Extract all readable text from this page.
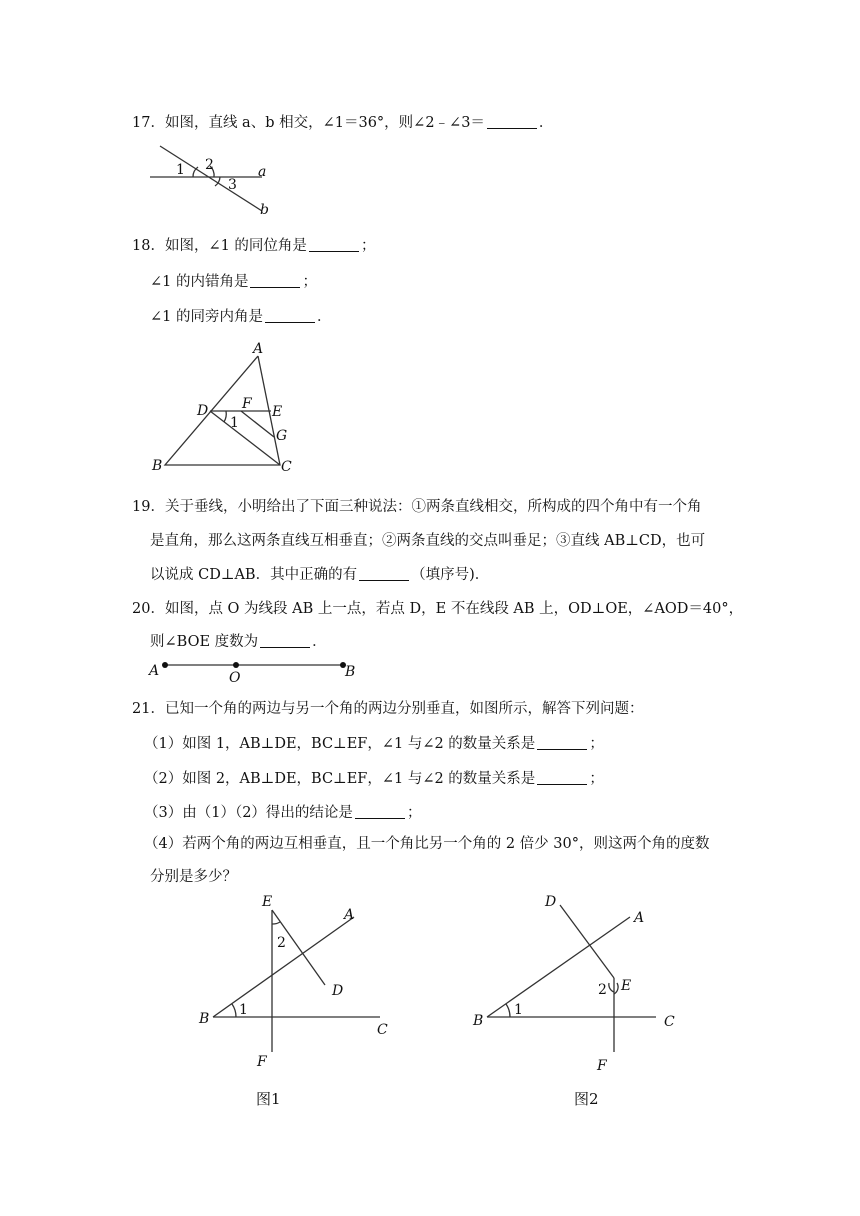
17．如图，直线 a、b 相交，∠1＝36°，则∠2﹣∠3＝	．
1 2
3
a
b
18．如图，∠1 的同位角是	；
∠1 的内错角是	；
∠1 的同旁内角是	．
A
B	C
D	E
F
G
1
19．关于垂线，小明给出了下面三种说法：①两条直线相交，所构成的四个角中有一个角
是直角，那么这两条直线互相垂直；②两条直线的交点叫垂足；③直线 AB⊥CD，也可
以说成 CD⊥AB．其中正确的有	（填序号)．
20．如图，点 O 为线段 AB 上一点，若点 D，E 不在线段 AB 上，OD⊥OE，∠AOD＝40°，
则∠BOE 度数为	．
A	O	B
21．已知一个角的两边与另一个角的两边分别垂直，如图所示，解答下列问题：
（1）如图 1，AB⊥DE，BC⊥EF，∠1 与∠2 的数量关系是	；
（2）如图 2，AB⊥DE，BC⊥EF，∠1 与∠2 的数量关系是	；
（3）由（1）（2）得出的结论是	；
（4）若两个角的两边互相垂直，且一个角比另一个角的 2 倍少 30°，则这两个角的度数
分别是多少？
E
A
2
D
B
1
C
F
图1
D
A
2 E
B
1
C
F
图2
